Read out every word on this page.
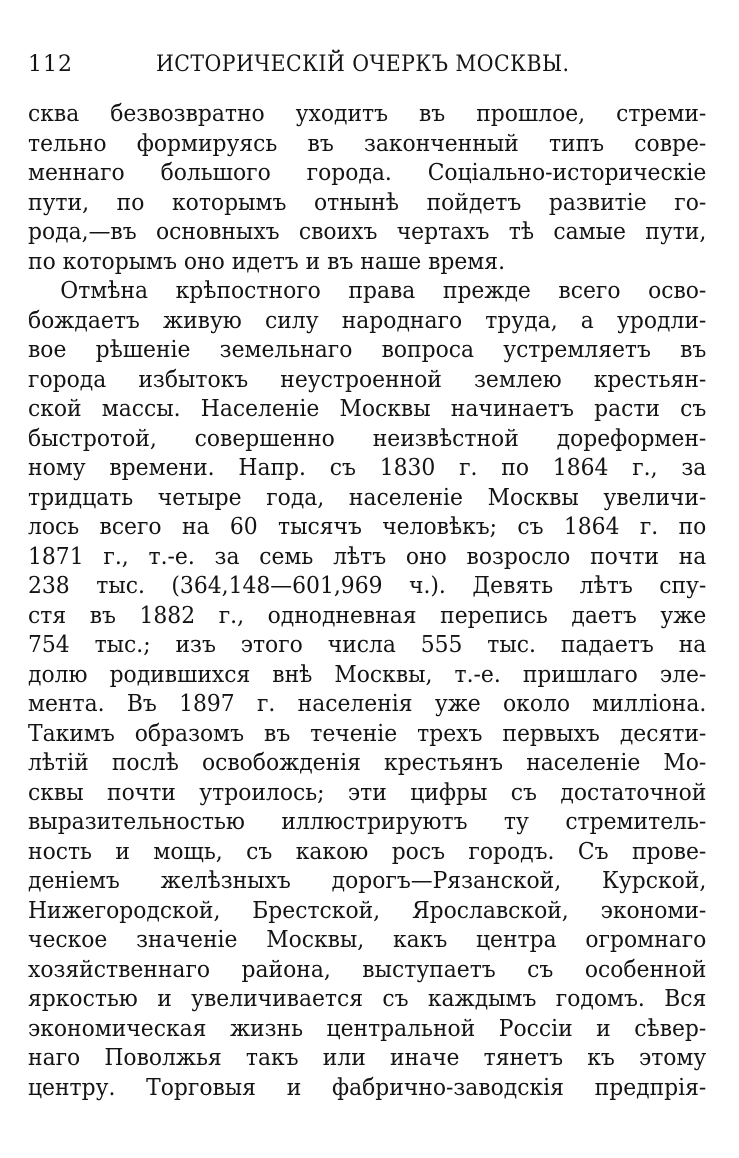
112	ИСТОРИЧЕСКІЙ ОЧЕРКЪ МОСКВЫ.
сква безвозвратно уходитъ въ прошлое, стреми-
тельно формируясь въ законченный типъ совре-
меннаго большого города. Соціально-историческіе
пути, по которымъ отнынѣ пойдетъ развитіе го-
рода,—въ основныхъ своихъ чертахъ тѣ самые пути,
по которымъ оно идетъ и въ наше время.
Отмѣна крѣпостного права прежде всего осво-
бождаетъ живую силу народнаго труда, а уродли-
вое рѣшеніе земельнаго вопроса устремляетъ въ
города избытокъ неустроенной землею крестьян-
ской массы. Населеніе Москвы начинаетъ расти съ
быстротой, совершенно неизвѣстной дореформен-
ному времени. Напр. съ 1830 г. по 1864 г., за
тридцать четыре года, населеніе Москвы увеличи-
лось всего на 60 тысячъ человѣкъ; съ 1864 г. по
1871 г., т.-е. за семь лѣтъ оно возросло почти на
238 тыс. (364,148—601,969 ч.). Девять лѣтъ спу-
стя въ 1882 г., однодневная перепись даетъ уже
754 тыс.; изъ этого числа 555 тыс. падаетъ на
долю родившихся внѣ Москвы, т.-е. пришлаго эле-
мента. Въ 1897 г. населенія уже около милліона.
Такимъ образомъ въ теченіе трехъ первыхъ десяти-
лѣтій послѣ освобожденія крестьянъ населеніе Мо-
сквы почти утроилось; эти цифры съ достаточной
выразительностью иллюстрируютъ ту стремитель-
ность и мощь, съ какою росъ городъ. Съ прове-
деніемъ желѣзныхъ дорогъ—Рязанской, Курской,
Нижегородской, Брестской, Ярославской, экономи-
ческое значеніе Москвы, какъ центра огромнаго
хозяйственнаго района, выступаетъ съ особенной
яркостью и увеличивается съ каждымъ годомъ. Вся
экономическая жизнь центральной Россіи и сѣвер-
наго Поволжья такъ или иначе тянетъ къ этому
центру. Торговыя и фабрично-заводскія предпрія-
